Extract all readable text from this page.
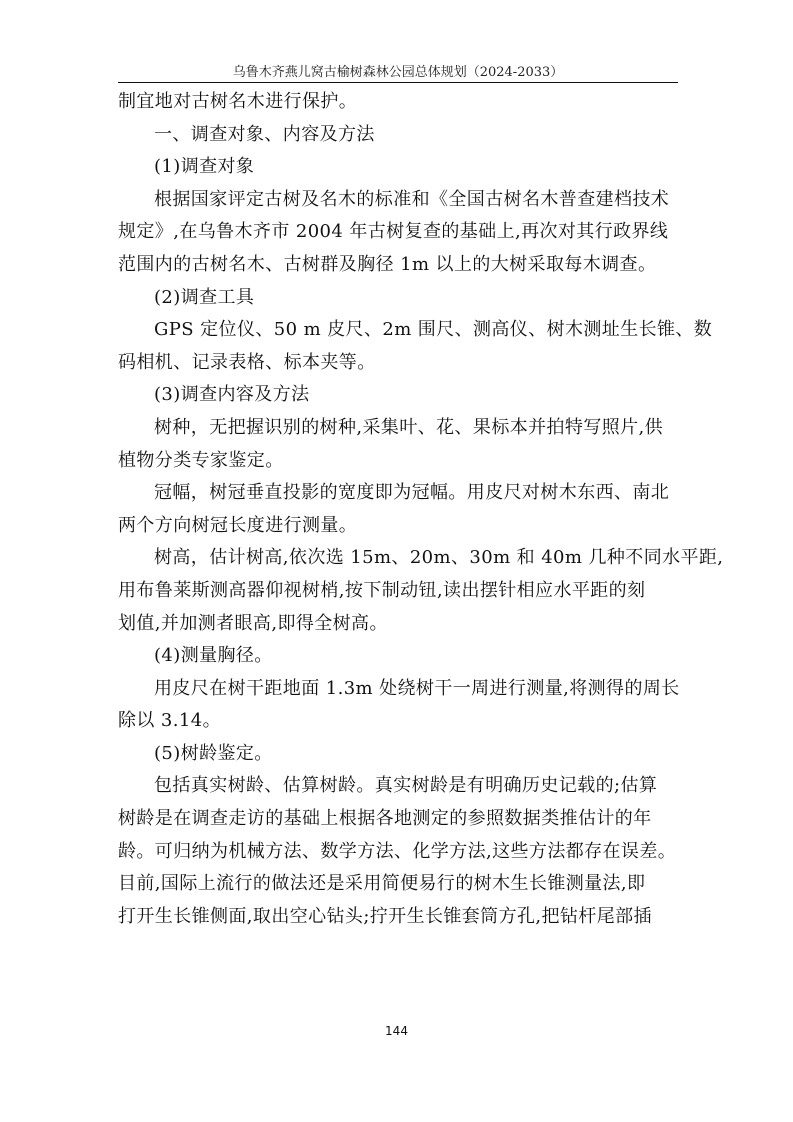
乌鲁木齐燕儿窝古榆树森林公园总体规划（2024-2033）
制宜地对古树名木进行保护。
一、调查对象、内容及方法
(1)调查对象
根据国家评定古树及名木的标准和《全国古树名木普查建档技术
规定》,在乌鲁木齐市 2004 年古树复查的基础上,再次对其行政界线
范围内的古树名木、古树群及胸径 1m 以上的大树采取每木调查。
(2)调查工具
GPS 定位仪、50 m 皮尺、2m 围尺、测高仪、树木测址生长锥、数
码相机、记录表格、标本夹等。
(3)调查内容及方法
树种，无把握识别的树种,采集叶、花、果标本并拍特写照片,供
植物分类专家鉴定。
冠幅，树冠垂直投影的宽度即为冠幅。用皮尺对树木东西、南北
两个方向树冠长度进行测量。
树高，估计树高,依次选 15m、20m、30m 和 40m 几种不同水平距,
用布鲁莱斯测高器仰视树梢,按下制动钮,读出摆针相应水平距的刻
划值,并加测者眼高,即得全树高。
(4)测量胸径。
用皮尺在树干距地面 1.3m 处绕树干一周进行测量,将测得的周长
除以 3.14。
(5)树龄鉴定。
包括真实树龄、估算树龄。真实树龄是有明确历史记载的;估算
树龄是在调查走访的基础上根据各地测定的参照数据类推估计的年
龄。可归纳为机械方法、数学方法、化学方法,这些方法都存在误差。
目前,国际上流行的做法还是采用简便易行的树木生长锥测量法,即
打开生长锥侧面,取出空心钻头;拧开生长锥套筒方孔,把钻杆尾部插
144
